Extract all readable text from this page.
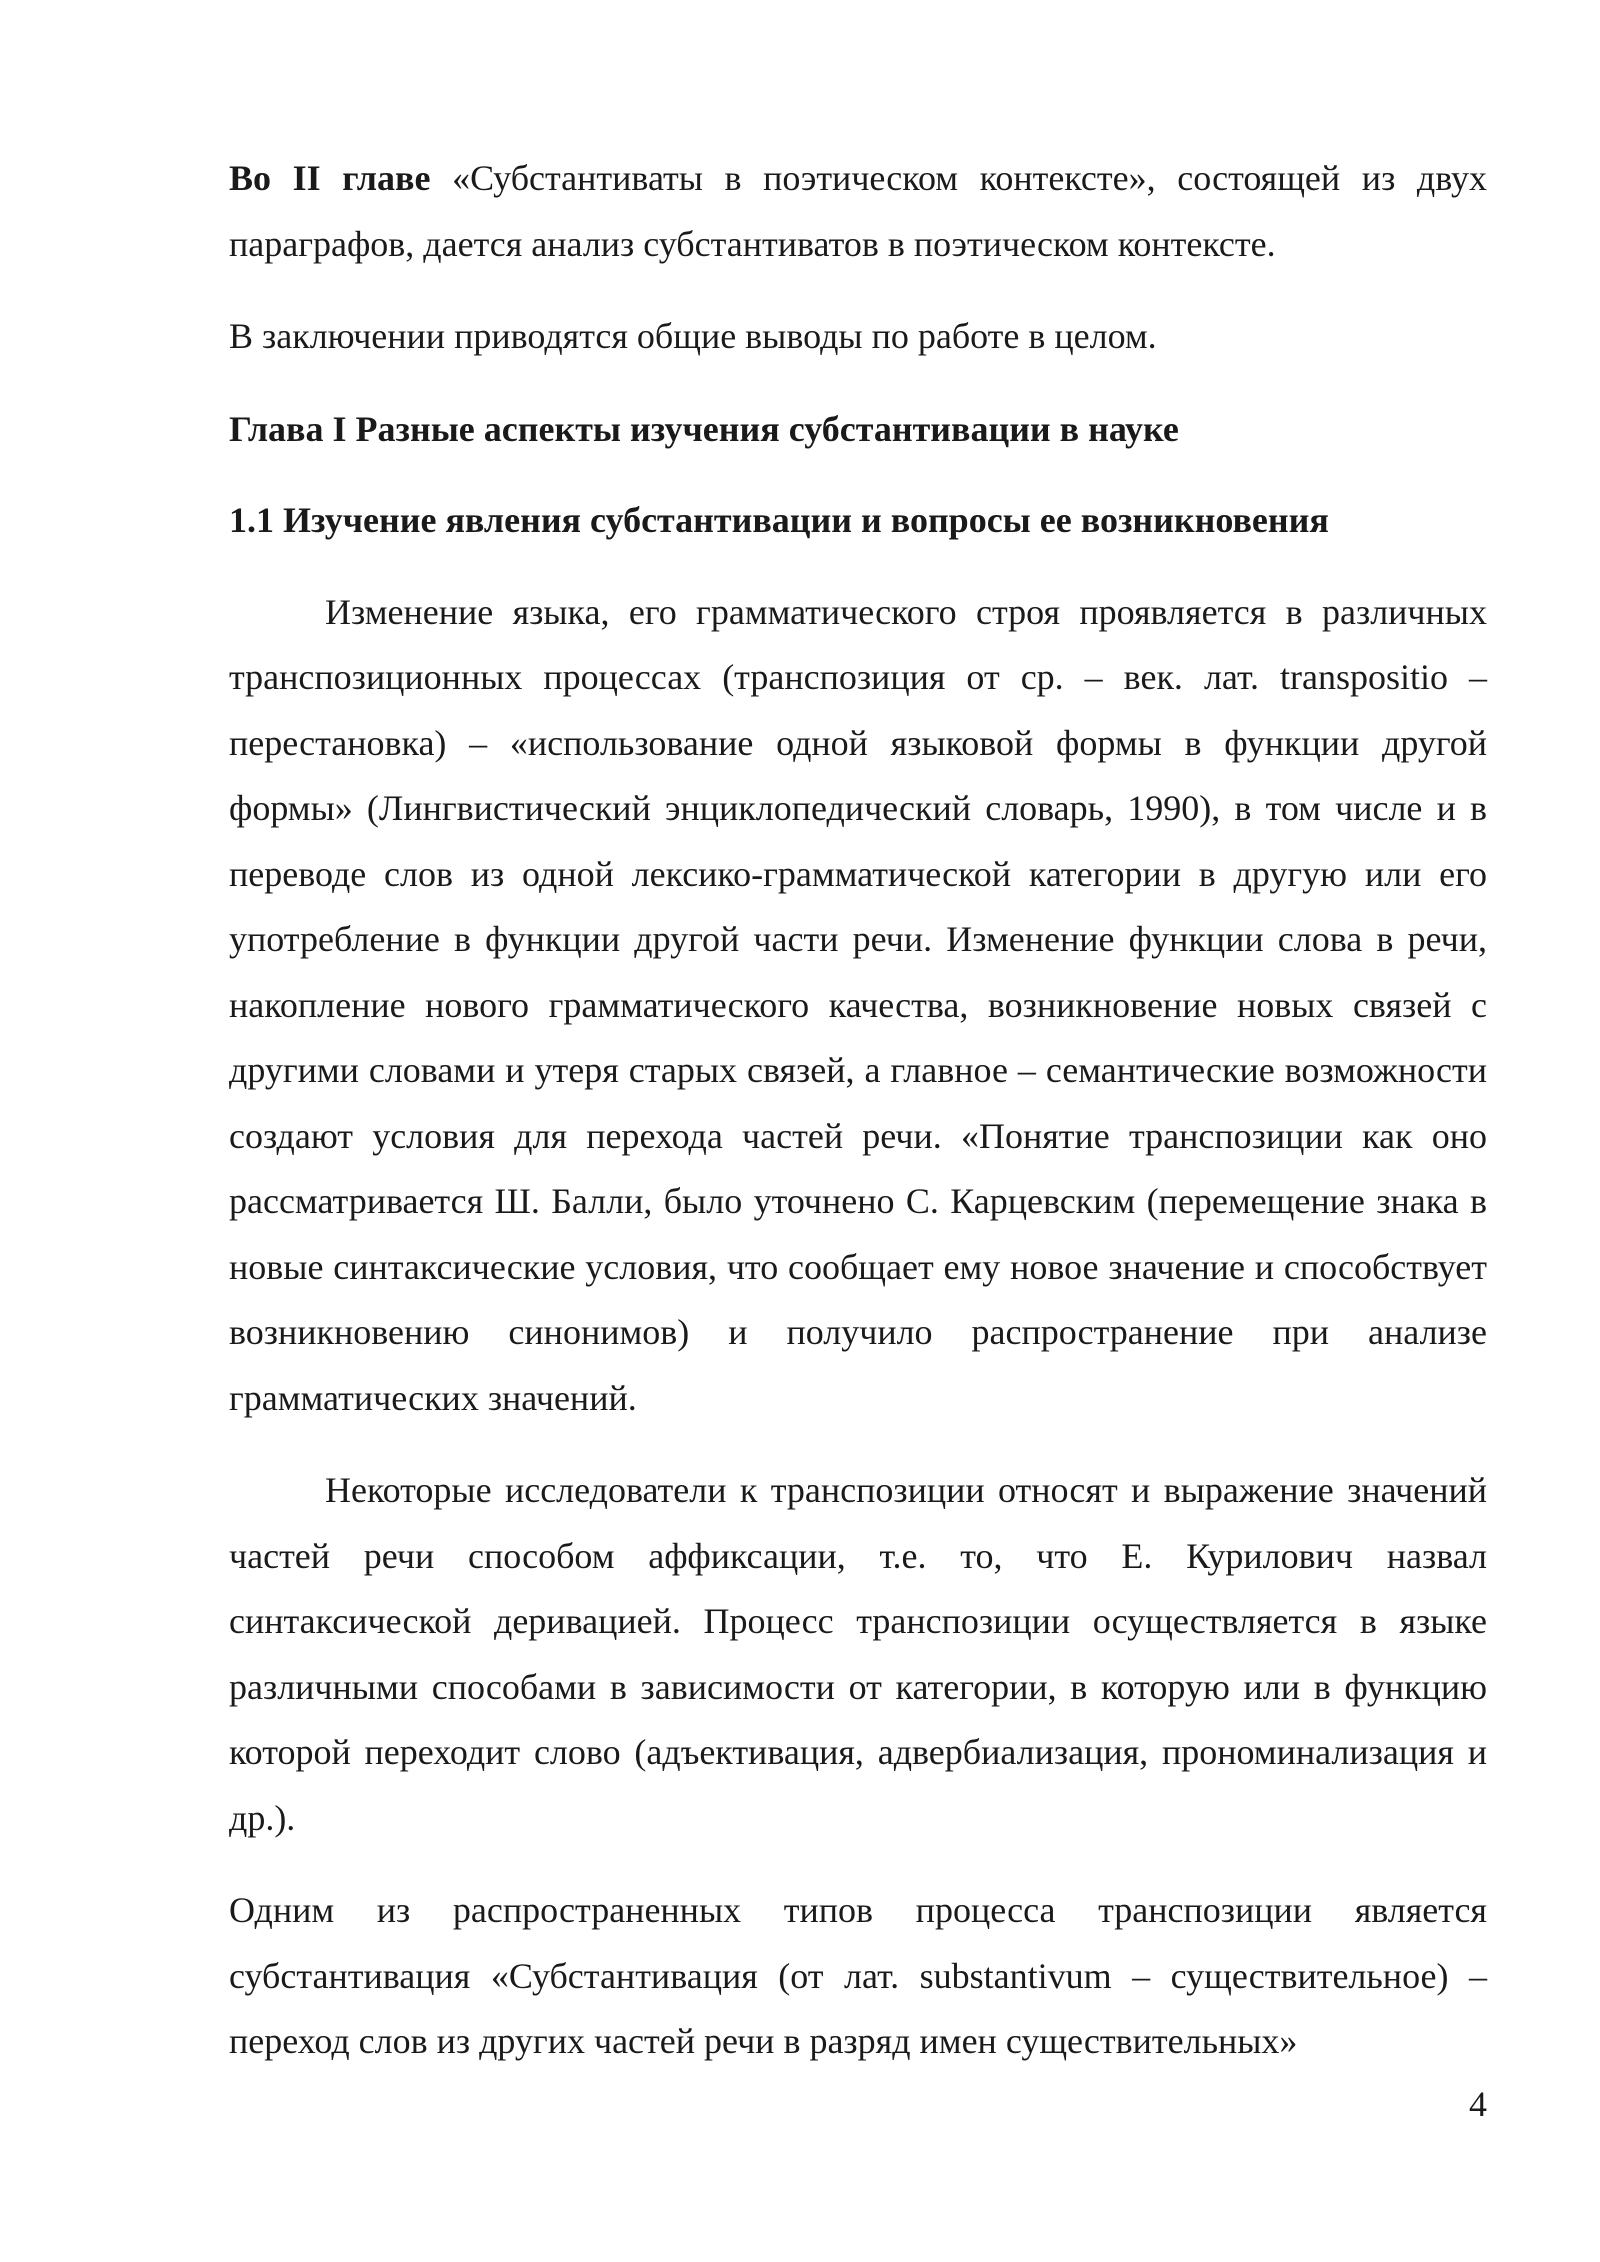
Во II главе «Субстантиваты в поэтическом контексте», состоящей из двух параграфов, дается анализ субстантиватов в поэтическом контексте.

В заключении приводятся общие выводы по работе в целом.

Глава I Разные аспекты изучения субстантивации в науке

1.1 Изучение явления субстантивации и вопросы ее возникновения

Изменение языка, его грамматического строя проявляется в различных транспозиционных процессах (транспозиция от ср. – век. лат. transpositio – перестановка) – «использование одной языковой формы в функции другой формы» (Лингвистический энциклопедический словарь, 1990), в том числе и в переводе слов из одной лексико-грамматической категории в другую или его употребление в функции другой части речи. Изменение функции слова в речи, накопление нового грамматического качества, возникновение новых связей с другими словами и утеря старых связей, а главное – семантические возможности создают условия для перехода частей речи. «Понятие транспозиции как оно рассматривается Ш. Балли, было уточнено С. Карцевским (перемещение знака в новые синтаксические условия, что сообщает ему новое значение и способствует возникновению синонимов) и получило распространение при анализе грамматических значений.

Некоторые исследователи к транспозиции относят и выражение значений частей речи способом аффиксации, т.е. то, что Е. Курилович назвал синтаксической деривацией. Процесс транспозиции осуществляется в языке различными способами в зависимости от категории, в которую или в функцию которой переходит слово (адъективация, адвербиализация, прономинализация и др.).

Одним из распространенных типов процесса транспозиции является субстантивация «Субстантивация (от лат. substantivum – существительное) – переход слов из других частей речи в разряд имен существительных»

4
